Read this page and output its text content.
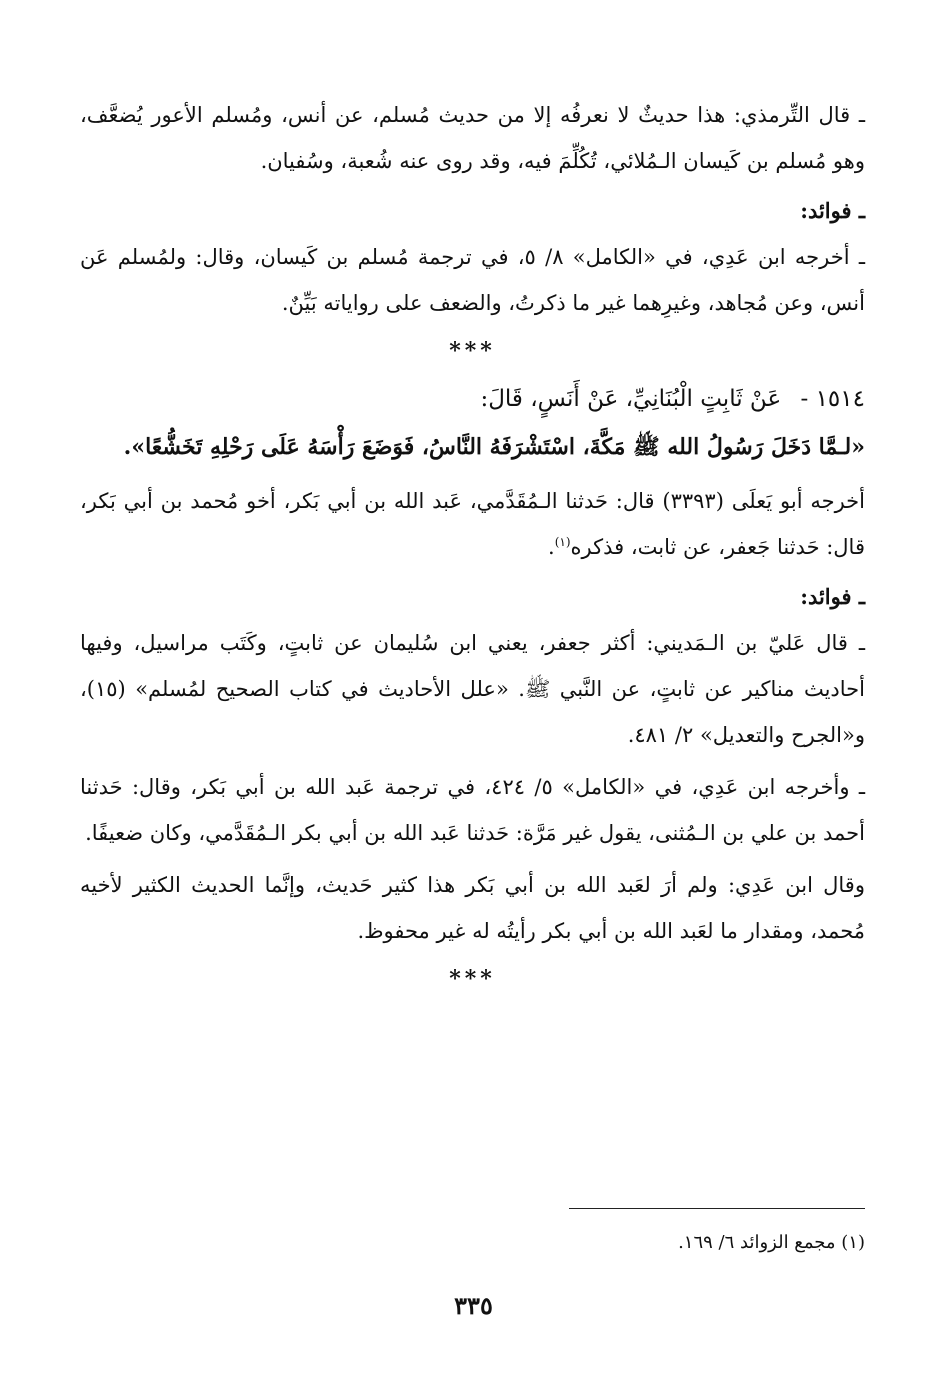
ـ قال التِّرمذي: هذا حديثٌ لا نعرفُه إلا من حديث مُسلم، عن أنس، ومُسلم الأعور يُضعَّف، وهو مُسلم بن كَيسان الـمُلائي، تُكُلِّمَ فيه، وقد روى عنه شُعبة، وسُفيان.

ـ فوائد:

ـ أخرجه ابن عَدِي، في «الكامل» ٨/ ٥، في ترجمة مُسلم بن كَيسان، وقال: ولمُسلم عَن أنس، وعن مُجاهد، وغيرِهما غير ما ذكرتُ، والضعف على رواياته بَيِّنٌ.

***

١٥١٤ - عَنْ ثَابِتٍ الْبُنَانِيِّ، عَنْ أَنَسٍ، قَالَ:

«لـمَّا دَخَلَ رَسُولُ الله ﷺ مَكَّةَ، اسْتَشْرَفَهُ النَّاسُ، فَوَضَعَ رَأْسَهُ عَلَى رَحْلِهِ تَخَشُّعًا».

أخرجه أبو يَعلَى (٣٣٩٣) قال: حَدثنا الـمُقَدَّمي، عَبد الله بن أبي بَكر، أخو مُحمد بن أبي بَكر، قال: حَدثنا جَعفر، عن ثابت، فذكره$^{(١)}$.

ـ فوائد:

ـ قال عَليّ بن الـمَديني: أكثر جعفر، يعني ابن سُليمان عن ثابتٍ، وكَتَب مراسيل، وفيها أحاديث مناكير عن ثابتٍ، عن النَّبي ﷺ. «علل الأحاديث في كتاب الصحيح لمُسلم» (١٥)، و«الجرح والتعديل» ٢/ ٤٨١.

ـ وأخرجه ابن عَدِي، في «الكامل» ٥/ ٤٢٤، في ترجمة عَبد الله بن أبي بَكر، وقال: حَدثنا أحمد بن علي بن الـمُثنى، يقول غير مَرَّة: حَدثنا عَبد الله بن أبي بكر الـمُقَدَّمي، وكان ضعيفًا.

وقال ابن عَدِي: ولم أرَ لعَبد الله بن أبي بَكر هذا كثير حَديث، وإنَّما الحديث الكثير لأخيه مُحمد، ومقدار ما لعَبد الله بن أبي بكر رأيتُه له غير محفوظ.

***

(١) مجمع الزوائد ٦/ ١٦٩.

٣٣٥
